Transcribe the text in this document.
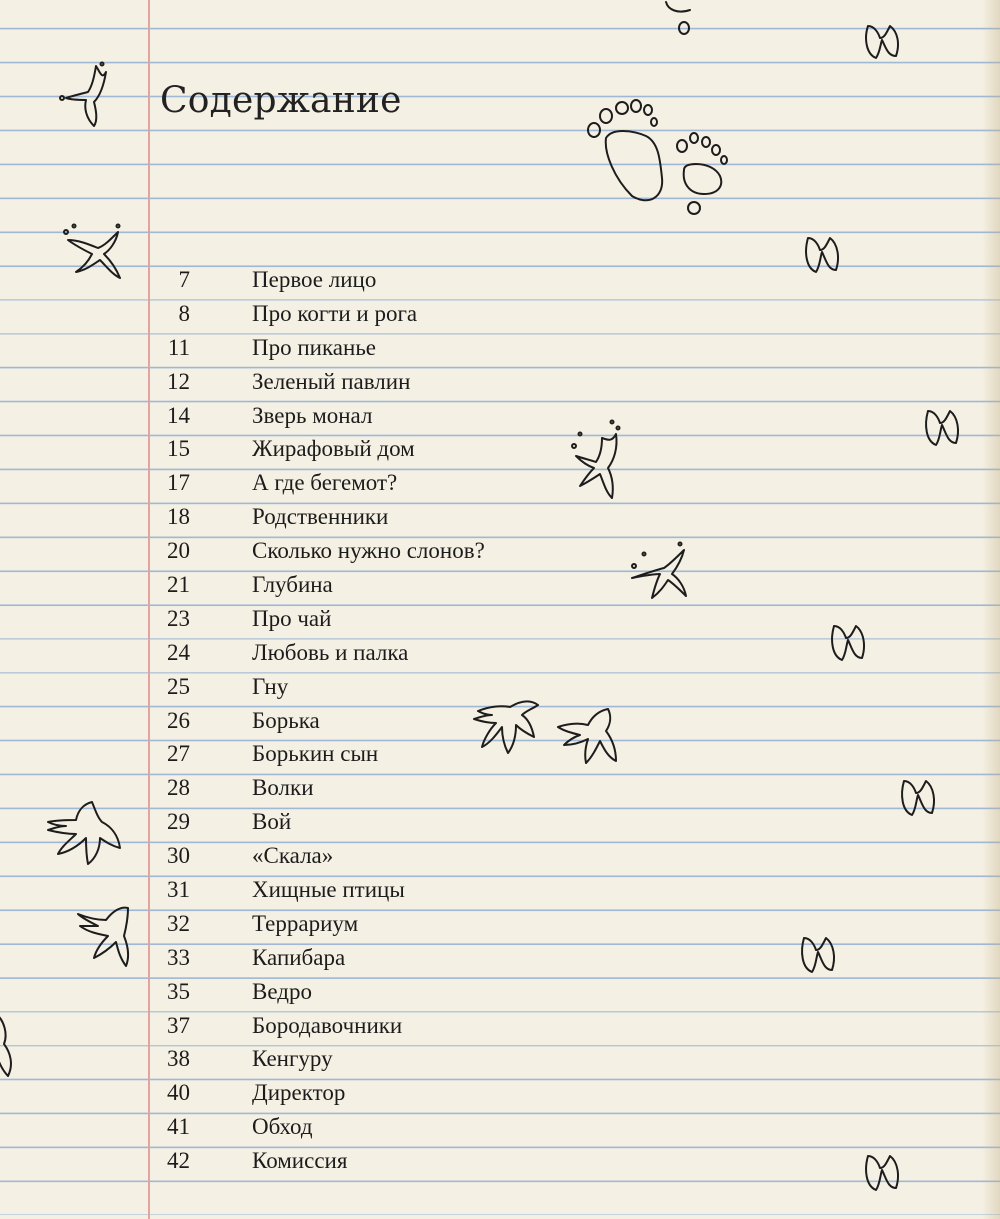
Содержание
7	Первое лицо
8	Про когти и рога
11	Про пиканье
12	Зеленый павлин
14	Зверь монал
15	Жирафовый дом
17	А где бегемот?
18	Родственники
20	Сколько нужно слонов?
21	Глубина
23	Про чай
24	Любовь и палка
25	Гну
26	Борька
27	Борькин сын
28	Волки
29	Вой
30	«Скала»
31	Хищные птицы
32	Террариум
33	Капибара
35	Ведро
37	Бородавочники
38	Кенгуру
40	Директор
41	Обход
42	Комиссия
